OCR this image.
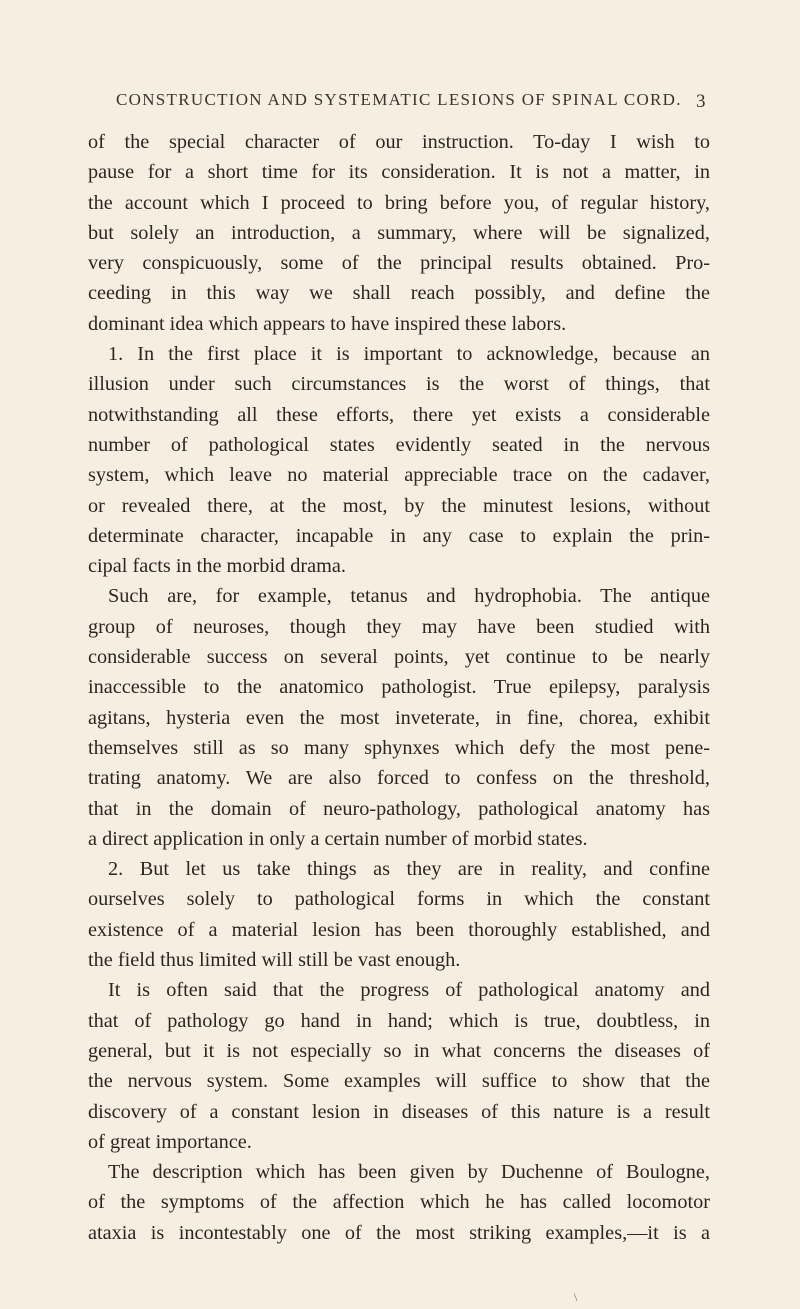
CONSTRUCTION AND SYSTEMATIC LESIONS OF SPINAL CORD. 3
of the special character of our instruction. To-day I wish to
pause for a short time for its consideration. It is not a matter, in
the account which I proceed to bring before you, of regular history,
but solely an introduction, a summary, where will be signalized,
very conspicuously, some of the principal results obtained. Pro-
ceeding in this way we shall reach possibly, and define the
dominant idea which appears to have inspired these labors.
1. In the first place it is important to acknowledge, because an
illusion under such circumstances is the worst of things, that
notwithstanding all these efforts, there yet exists a considerable
number of pathological states evidently seated in the nervous
system, which leave no material appreciable trace on the cadaver,
or revealed there, at the most, by the minutest lesions, without
determinate character, incapable in any case to explain the prin-
cipal facts in the morbid drama.
Such are, for example, tetanus and hydrophobia. The antique
group of neuroses, though they may have been studied with
considerable success on several points, yet continue to be nearly
inaccessible to the anatomico pathologist. True epilepsy, paralysis
agitans, hysteria even the most inveterate, in fine, chorea, exhibit
themselves still as so many sphynxes which defy the most pene-
trating anatomy. We are also forced to confess on the threshold,
that in the domain of neuro-pathology, pathological anatomy has
a direct application in only a certain number of morbid states.
2. But let us take things as they are in reality, and confine
ourselves solely to pathological forms in which the constant
existence of a material lesion has been thoroughly established, and
the field thus limited will still be vast enough.
It is often said that the progress of pathological anatomy and
that of pathology go hand in hand; which is true, doubtless, in
general, but it is not especially so in what concerns the diseases of
the nervous system. Some examples will suffice to show that the
discovery of a constant lesion in diseases of this nature is a result
of great importance.
The description which has been given by Duchenne of Boulogne,
of the symptoms of the affection which he has called locomotor
ataxia is incontestably one of the most striking examples,—it is a
\
